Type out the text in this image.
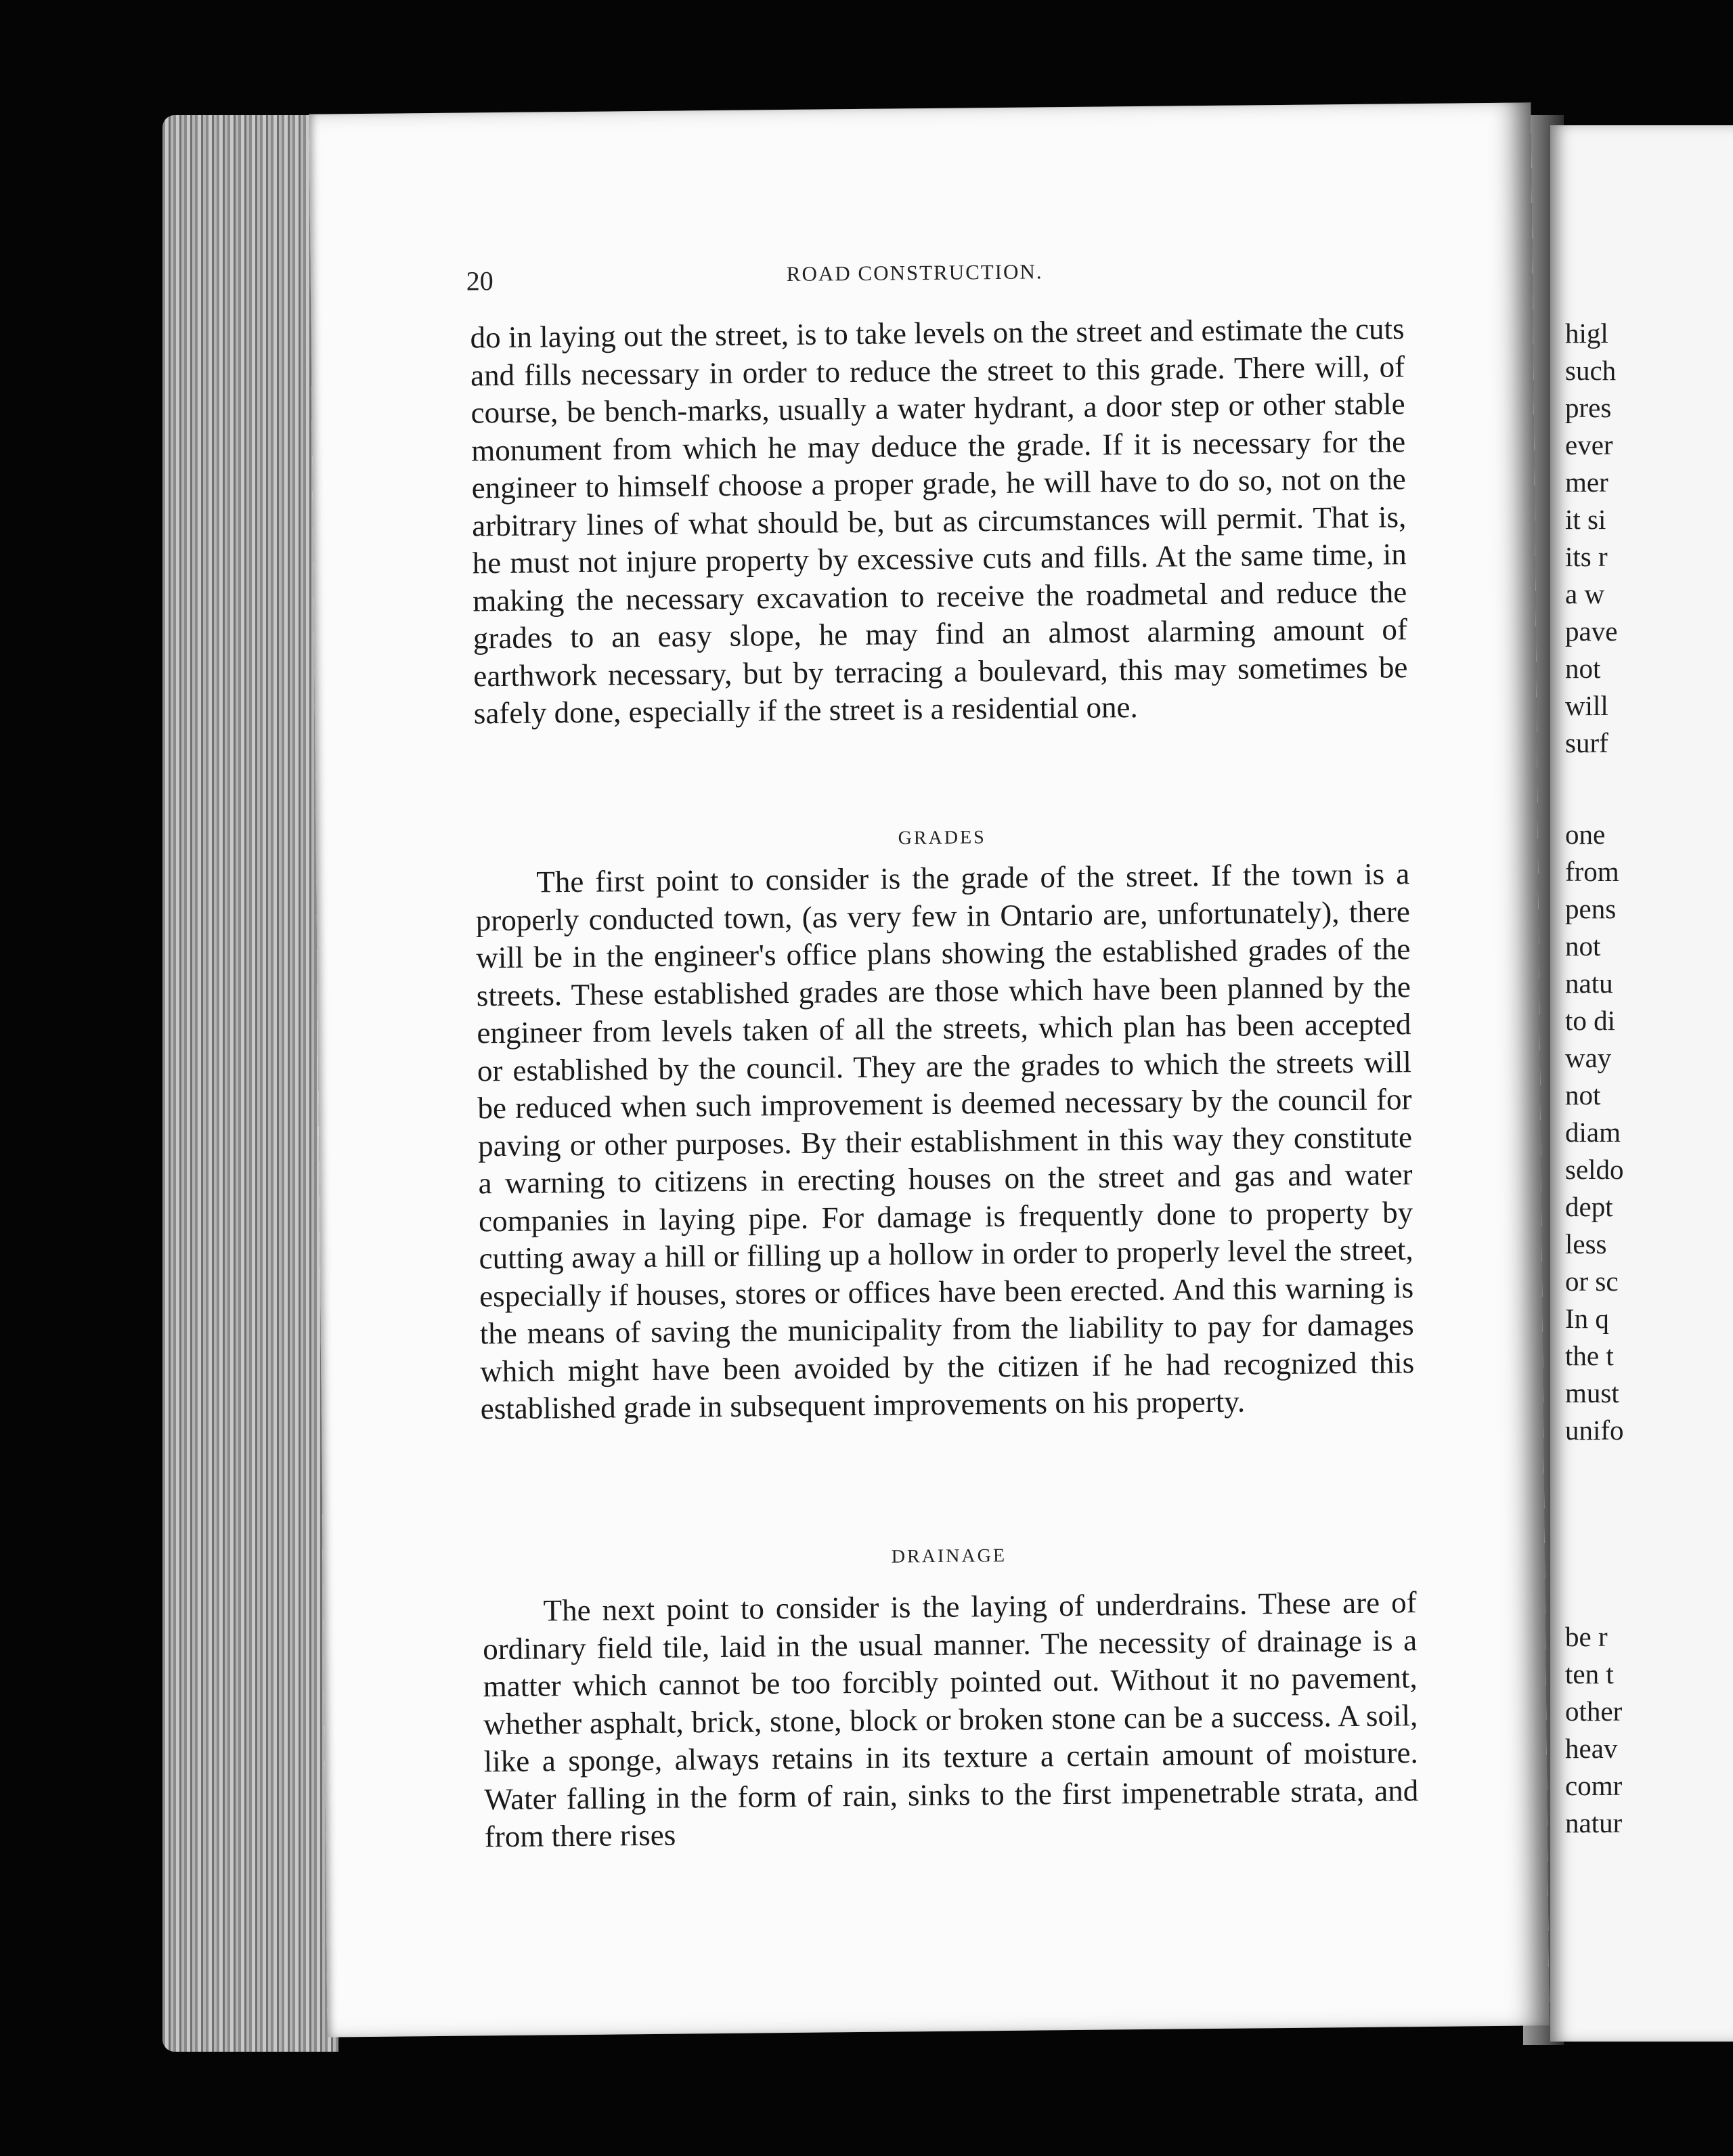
higl
such
pres
ever
mer
it si
its r
a w
pave
not
will
surf
one
from
pens
not
natu
to di
way
not
diam
seldo
dept
less
or sc
In q
the t
must
unifo
be r
ten t
other
heav
comr
natur
20	ROAD CONSTRUCTION.

do in laying out the street, is to take levels on the street and estimate the cuts and fills necessary in order to reduce the street to this grade. There will, of course, be bench-marks, usually a water hydrant, a door step or other stable monument from which he may deduce the grade. If it is necessary for the engineer to himself choose a proper grade, he will have to do so, not on the arbitrary lines of what should be, but as circumstances will permit. That is, he must not injure property by excessive cuts and fills. At the same time, in making the necessary excavation to receive the roadmetal and reduce the grades to an easy slope, he may find an almost alarming amount of earthwork necessary, but by terracing a boulevard, this may sometimes be safely done, especially if the street is a residential one.

GRADES

The first point to consider is the grade of the street. If the town is a properly conducted town, (as very few in Ontario are, unfortunately), there will be in the engineer's office plans showing the established grades of the streets. These established grades are those which have been planned by the engineer from levels taken of all the streets, which plan has been accepted or established by the council. They are the grades to which the streets will be reduced when such improvement is deemed necessary by the council for paving or other purposes. By their establishment in this way they constitute a warning to citizens in erecting houses on the street and gas and water companies in laying pipe. For damage is frequently done to property by cutting away a hill or filling up a hollow in order to properly level the street, especially if houses, stores or offices have been erected. And this warning is the means of saving the municipality from the liability to pay for damages which might have been avoided by the citizen if he had recognized this established grade in subsequent improvements on his property.

DRAINAGE

The next point to consider is the laying of underdrains. These are of ordinary field tile, laid in the usual manner. The necessity of drainage is a matter which cannot be too forcibly pointed out. Without it no pavement, whether asphalt, brick, stone, block or broken stone can be a success. A soil, like a sponge, always retains in its texture a certain amount of moisture. Water falling in the form of rain, sinks to the first impenetrable strata, and from there rises
